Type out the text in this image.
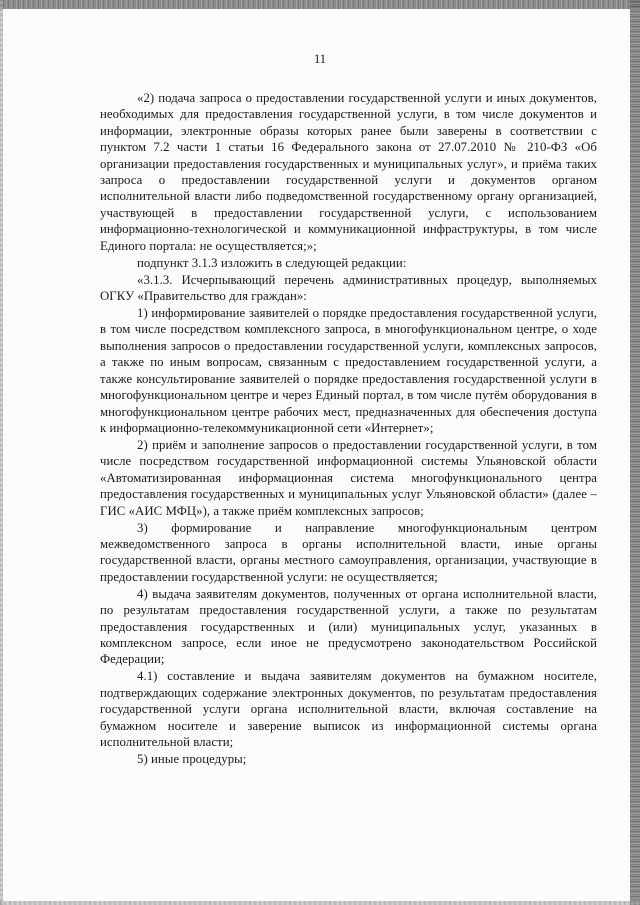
11

«2) подача запроса о предоставлении государственной услуги и иных документов, необходимых для предоставления государственной услуги, в том числе документов и информации, электронные образы которых ранее были заверены в соответствии с пунктом 7.2 части 1 статьи 16 Федерального закона от 27.07.2010 № 210-ФЗ «Об организации предоставления государственных и муниципальных услуг», и приёма таких запроса о предоставлении государственной услуги и документов органом исполнительной власти либо подведомственной государственному органу организацией, участвующей в предоставлении государственной услуги, с использованием информационно-технологической и коммуникационной инфраструктуры, в том числе Единого портала: не осуществляется;»;

подпункт 3.1.3 изложить в следующей редакции:

«3.1.3. Исчерпывающий перечень административных процедур, выполняемых ОГКУ «Правительство для граждан»:

1) информирование заявителей о порядке предоставления государственной услуги, в том числе посредством комплексного запроса, в многофункциональном центре, о ходе выполнения запросов о предоставлении государственной услуги, комплексных запросов, а также по иным вопросам, связанным с предоставлением государственной услуги, а также консультирование заявителей о порядке предоставления государственной услуги в многофункциональном центре и через Единый портал, в том числе путём оборудования в многофункциональном центре рабочих мест, предназначенных для обеспечения доступа к информационно-телекоммуникационной сети «Интернет»;

2) приём и заполнение запросов о предоставлении государственной услуги, в том числе посредством государственной информационной системы Ульяновской области «Автоматизированная информационная система многофункционального центра предоставления государственных и муниципальных услуг Ульяновской области» (далее – ГИС «АИС МФЦ»), а также приём комплексных запросов;

3) формирование и направление многофункциональным центром межведомственного запроса в органы исполнительной власти, иные органы государственной власти, органы местного самоуправления, организации, участвующие в предоставлении государственной услуги: не осуществляется;

4) выдача заявителям документов, полученных от органа исполнительной власти, по результатам предоставления государственной услуги, а также по результатам предоставления государственных и (или) муниципальных услуг, указанных в комплексном запросе, если иное не предусмотрено законодательством Российской Федерации;

4.1) составление и выдача заявителям документов на бумажном носителе, подтверждающих содержание электронных документов, по результатам предоставления государственной услуги органа исполнительной власти, включая составление на бумажном носителе и заверение выписок из информационной системы органа исполнительной власти;

5) иные процедуры;
